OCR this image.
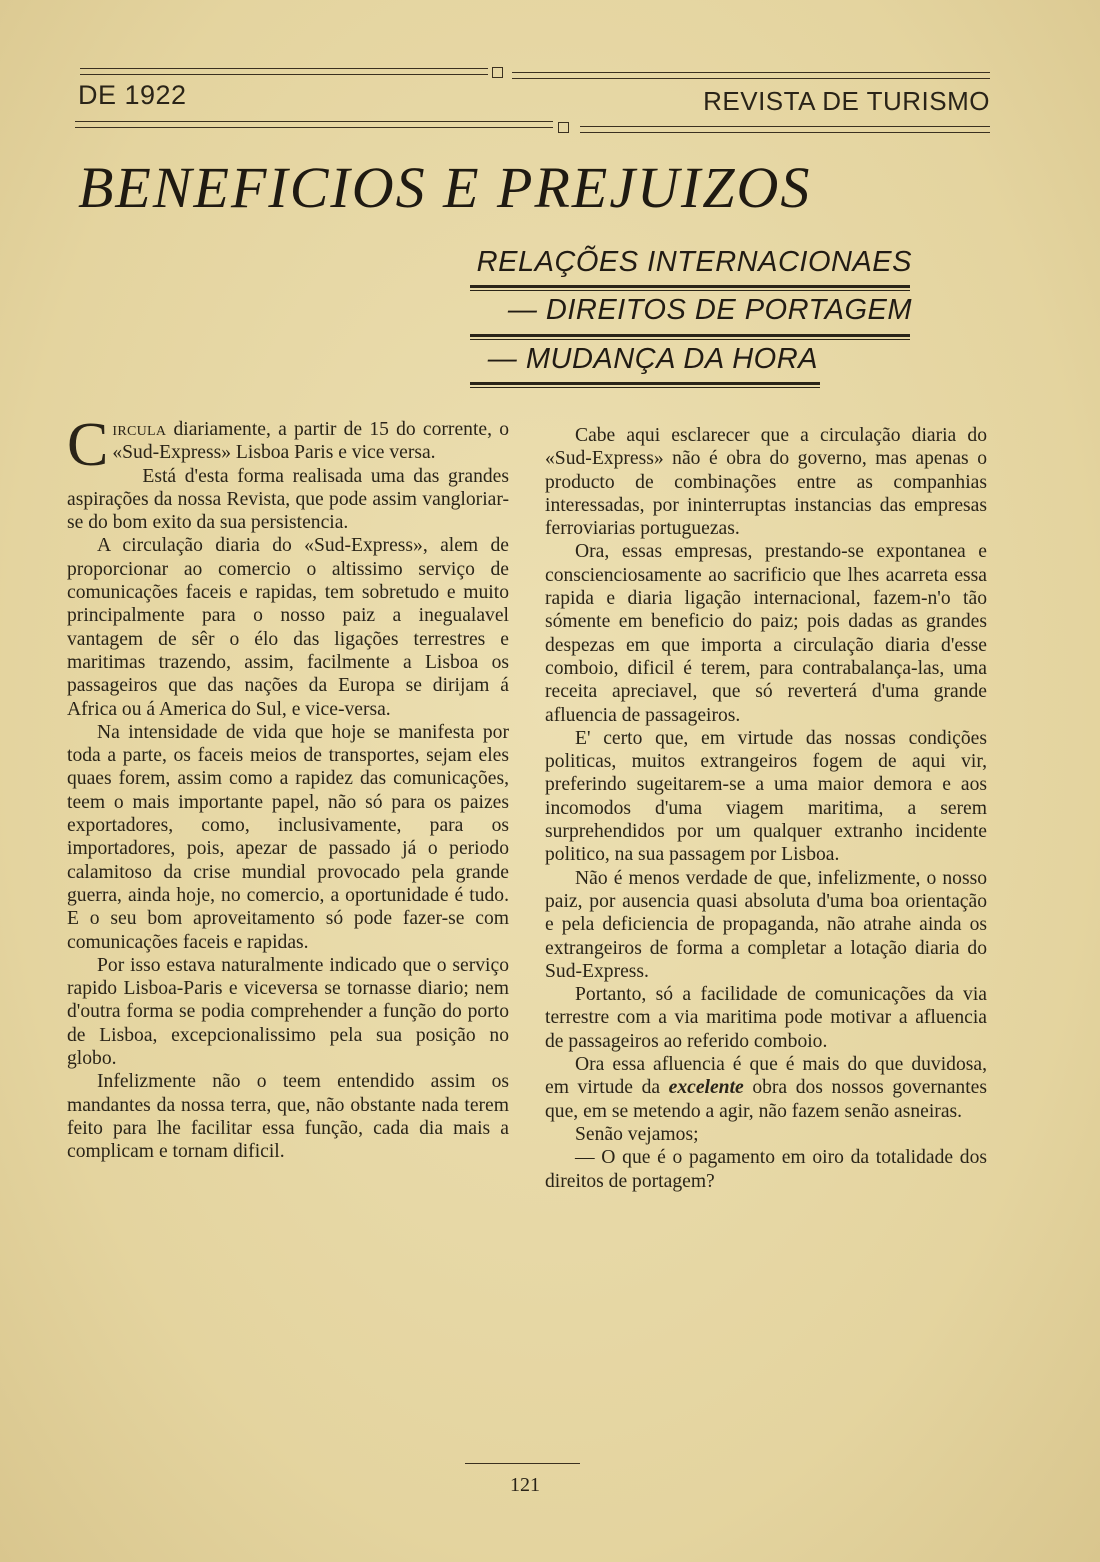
DE 1922	REVISTA DE TURISMO
BENEFICIOS E PREJUIZOS
RELAÇÕES INTERNACIONAES
— DIREITOS DE PORTAGEM
— MUDANÇA DA HORA

Circulа diariamente, a partir de 15 do corrente, o «Sud-Express» Lisboa Paris e vice versa.

Está d'esta forma realisada uma das grandes aspirações da nossa Revista, que pode assim vangloriar-se do bom exito da sua persistencia.

A circulação diaria do «Sud-Express», alem de proporcionar ao comercio o altissimo serviço de comunicações faceis e rapidas, tem sobretudo e muito principalmente para o nosso paiz a inegualavel vantagem de sêr o élo das ligações terrestres e maritimas trazendo, assim, facilmente a Lisboa os passageiros que das nações da Europa se dirijam á Africa ou á America do Sul, e vice-versa.

Na intensidade de vida que hoje se manifesta por toda a parte, os faceis meios de transportes, sejam eles quaes forem, assim como a rapidez das comunicações, teem o mais importante papel, não só para os paizes exportadores, como, inclusivamente, para os importadores, pois, apezar de passado já o periodo calamitoso da crise mundial provocado pela grande guerra, ainda hoje, no comercio, a oportunidade é tudo. E o seu bom aproveitamento só pode fazer-se com comunicações faceis e rapidas.

Por isso estava naturalmente indicado que o serviço rapido Lisboa-Paris e viceversa se tornasse diario; nem d'outra forma se podia comprehender a função do porto de Lisboa, excepcionalissimo pela sua posição no globo.

Infelizmente não o teem entendido assim os mandantes da nossa terra, que, não obstante nada terem feito para lhe facilitar essa função, cada dia mais a complicam e tornam dificil.

Cabe aqui esclarecer que a circulação diaria do «Sud-Express» não é obra do governo, mas apenas o producto de combinações entre as companhias interessadas, por ininterruptas instancias das empresas ferroviarias portuguezas.

Ora, essas empresas, prestando-se expontanea e conscienciosamente ao sacrificio que lhes acarreta essa rapida e diaria ligação internacional, fazem-n'o tão sómente em beneficio do paiz; pois dadas as grandes despezas em que importa a circulação diaria d'esse comboio, dificil é terem, para contrabalança-las, uma receita apreciavel, que só reverterá d'uma grande afluencia de passageiros.

E' certo que, em virtude das nossas condições politicas, muitos extrangeiros fogem de aqui vir, preferindo sugeitarem-se a uma maior demora e aos incomodos d'uma viagem maritima, a serem surprehendidos por um qualquer extranho incidente politico, na sua passagem por Lisboa.

Não é menos verdade de que, infelizmente, o nosso paiz, por ausencia quasi absoluta d'uma boa orientação e pela deficiencia de propaganda, não atrahe ainda os extrangeiros de forma a completar a lotação diaria do Sud-Express.

Portanto, só a facilidade de comunicações da via terrestre com a via maritima pode motivar a afluencia de passageiros ao referido comboio.

Ora essa afluencia é que é mais do que duvidosa, em virtude da excelente obra dos nossos governantes que, em se metendo a agir, não fazem senão asneiras.

Senão vejamos;

— O que é o pagamento em oiro da totalidade dos direitos de portagem?

121
